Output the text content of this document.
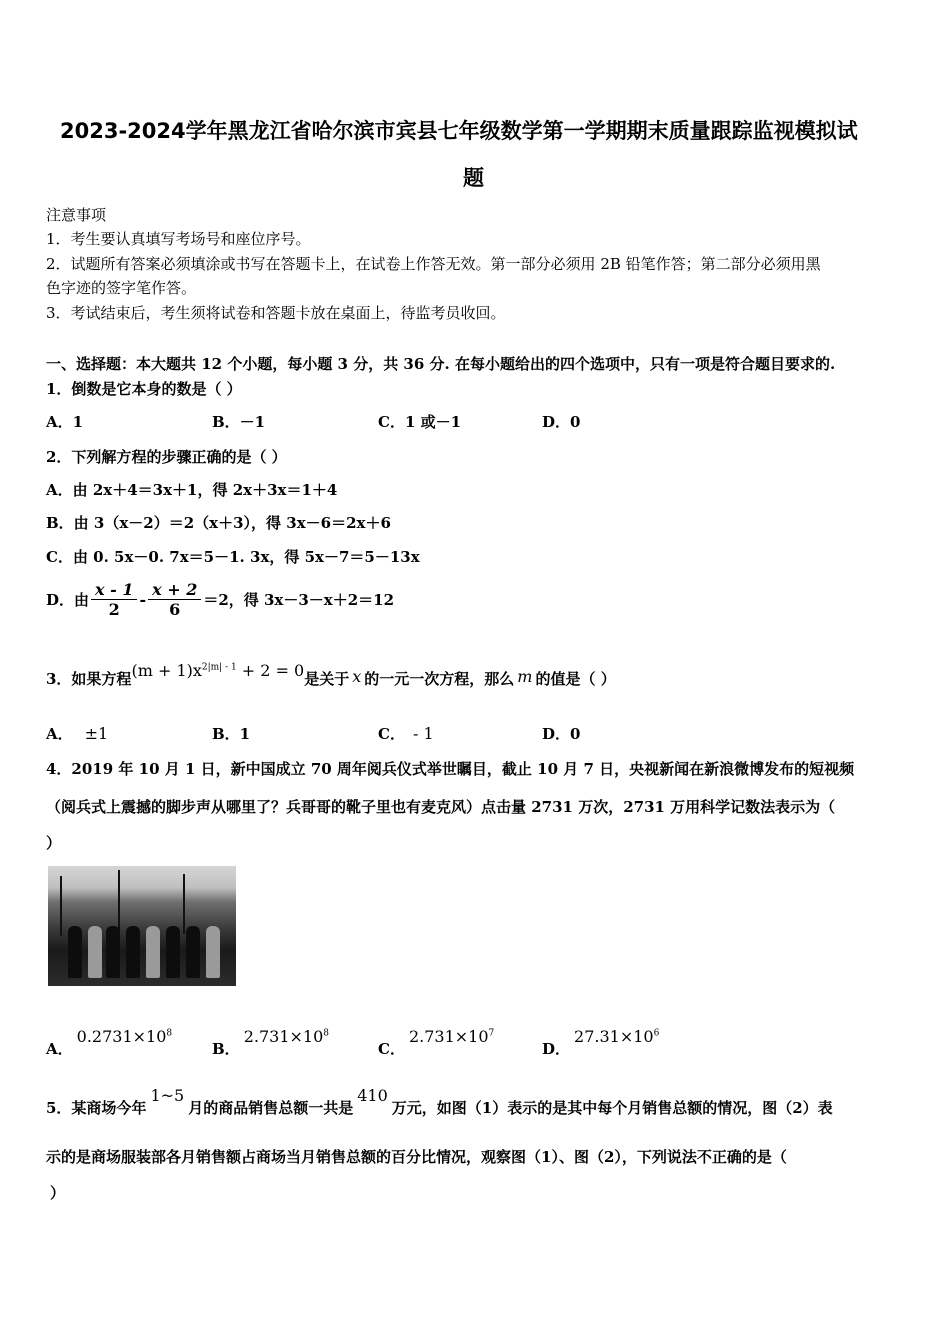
2023-2024学年黑龙江省哈尔滨市宾县七年级数学第一学期期末质量跟踪监视模拟试
题
注意事项
1．考生要认真填写考场号和座位序号。
2．试题所有答案必须填涂或书写在答题卡上，在试卷上作答无效。第一部分必须用 2B 铅笔作答；第二部分必须用黑
色字迹的签字笔作答。
3．考试结束后，考生须将试卷和答题卡放在桌面上，待监考员收回。
一、选择题：本大题共 12 个小题，每小题 3 分，共 36 分. 在每小题给出的四个选项中，只有一项是符合题目要求的.
1．倒数是它本身的数是（ ）
A．1	B．－1	C．1 或－1	D．0
2．下列解方程的步骤正确的是（ ）
A．由 2x＋4＝3x＋1，得 2x＋3x＝1＋4
B．由 3（x－2）＝2（x＋3），得 3x－6＝2x＋6
C．由 0. 5x－0. 7x＝5－1. 3x，得 5x－7＝5－13x
D．由 $\frac{x - 1}{2} - \frac{x + 2}{6} =2$，得 3x－3－x＋2＝12
3．如果方程$(m + 1)x^{2|m| - 1} + 2 = 0$是关于 x 的一元一次方程，那么 m 的值是（ ）
A． ±1	B．1	C． - 1	D．0
4．2019 年 10 月 1 日，新中国成立 70 周年阅兵仪式举世瞩目，截止 10 月 7 日，央视新闻在新浪微博发布的短视频
（阅兵式上震撼的脚步声从哪里了？兵哥哥的靴子里也有麦克风）点击量 2731 万次，2731 万用科学记数法表示为（
）
A．$0.2731\times 10^8$
B．$2.731\times 10^8$
C．$2.731\times 10^7$
D．$27.31\times 10^6$
5．某商场今年1~5月的商品销售总额一共是410万元，如图（1）表示的是其中每个月销售总额的情况，图（2）表
示的是商场服装部各月销售额占商场当月销售总额的百分比情况，观察图（1）、图（2），下列说法不正确的是（
）
